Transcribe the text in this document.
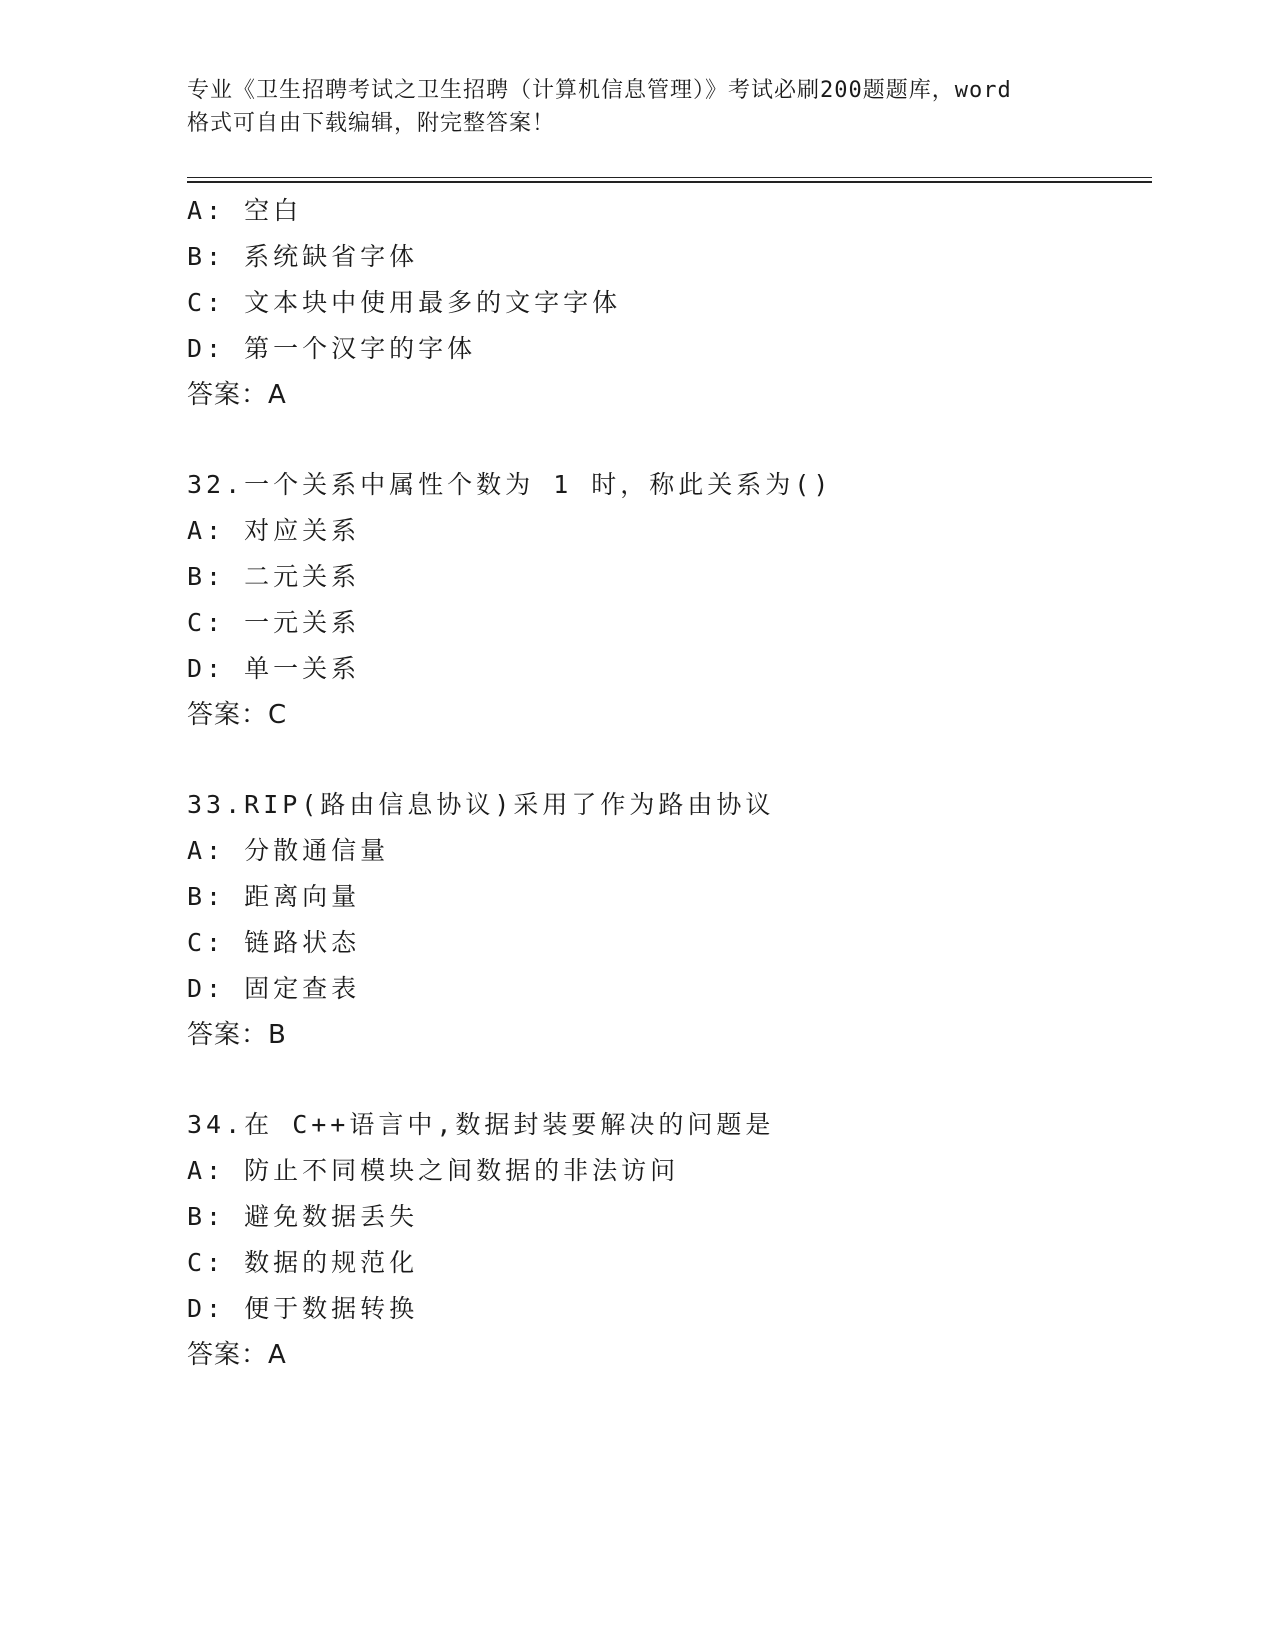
专业《卫生招聘考试之卫生招聘（计算机信息管理）》考试必刷200题题库，word
格式可自由下载编辑，附完整答案！
A: 空白
B: 系统缺省字体
C: 文本块中使用最多的文字字体
D: 第一个汉字的字体
答案：A
32.一个关系中属性个数为 1 时，称此关系为()
A: 对应关系
B: 二元关系
C: 一元关系
D: 单一关系
答案：C
33.RIP(路由信息协议)采用了作为路由协议
A: 分散通信量
B: 距离向量
C: 链路状态
D: 固定查表
答案：B
34.在 C++语言中,数据封装要解决的问题是
A: 防止不同模块之间数据的非法访问
B: 避免数据丢失
C: 数据的规范化
D: 便于数据转换
答案：A
